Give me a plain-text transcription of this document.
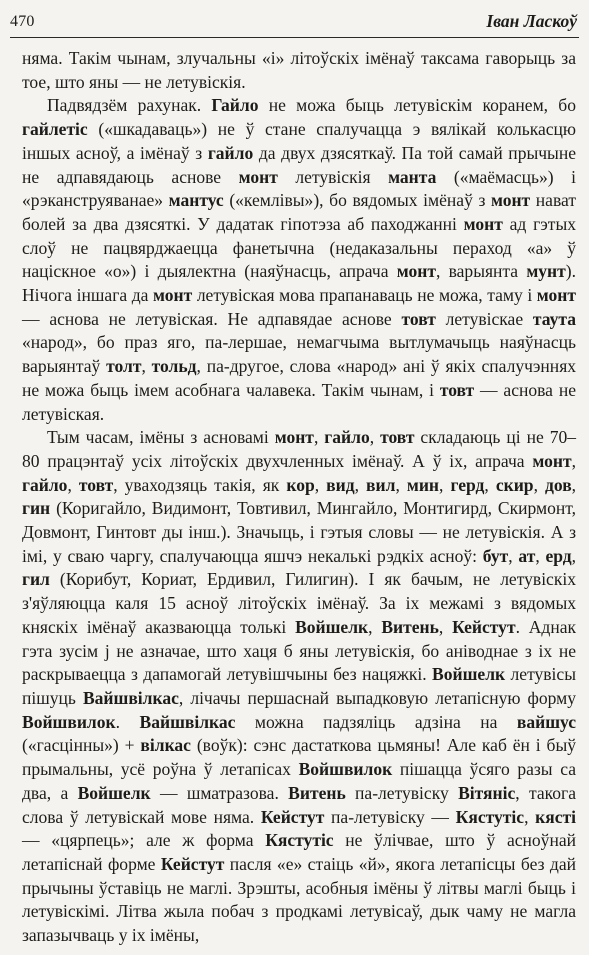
470	Іван Ласкоў

няма. Такім чынам, злучальны «і» літоўскіх імёнаў таксама гаворыць за тое, што яны — не летувіскія.

Падвядзём рахунак. Гайло не можа быць летувіскім коранем, бо гайлетіс («шкадаваць») не ў стане спалучацца э вялікай колькасцю іншых асноў, а імёнаў з гайло да двух дзясяткаў. Па той самай прычыне не адпавядаюць аснове монт летувіскія манта («маёмасць») і «рэканструяванае» мантус («кемлівы»), бо вядомых імёнаў з монт нават болей за два дзясяткі. У дадатак гіпотэза аб паходжанні монт ад гэтых слоў не пацвярджаецца фанетычна (недаказальны пераход «а» ў націскное «о») і дыялектна (наяўнасць, апрача монт, варыянта мунт). Нічога іншага да монт летувіская мова прапанаваць не можа, таму і монт — аснова не летувіская. Не адпавядае аснове товт летувіскае таута «народ», бо праз яго, па-лершае, немагчыма вытлумачыць наяўнасць варыянтаў толт, тольд, па-другое, слова «народ» ані ў якіх спалучэннях не можа быць імем асобнага чалавека. Такім чынам, і товт — аснова не летувіская.

Тым часам, імёны з асновамі монт, гайло, товт складаюць ці не 70–80 працэнтаў усіх літоўскіх двухчленных імёнаў. А ў іх, апрача монт, гайло, товт, уваходзяць такія, як кор, вид, вил, мин, герд, скир, дов, гин (Коригайло, Видимонт, Товтивил, Мингайло, Монтигирд, Скирмонт, Довмонт, Гинтовт ды інш.). Значыць, і гэтыя словы — не летувіскія. А з імі, у сваю чаргу, спалучаюцца яшчэ некалькі рэдкіх асноў: бут, ат, ерд, гил (Корибут, Кориат, Ердивил, Гилигин). І як бачым, не летувіскіх з'яўляюцца каля 15 асноў літоўскіх імёнаў. За іх межамі з вядомых княскіх імёнаў аказваюцца толькі Войшелк, Витень, Кейстут. Аднак гэта зусім ј не азначае, што хаця б яны летувіскія, бо аніводнае з іх не раскрываецца з дапамогай летувішчыны без нацяжкі. Войшелк летувісы пішуць Вайшвілкас, лічачы першаснай выпадковую летапісную форму Войшвилок. Вайшвілкас можна падзяліць адзіна на вайшус («гасцінны») + вілкас (воўк): сэнс дастаткова цьмяны! Але каб ён і быў прымальны, усё роўна ў летапісах Войшвилок пішацца ўсяго разы са два, а Войшелк — шматразова. Витень па-летувіску Вітяніс, такога слова ў летувіскай мове няма. Кейстут па-летувіску — Кястутіс, кясті — «цярпець»; але ж форма Кястутіс не ўлічвае, што ў асноўнай летапіснай форме Кейстут пасля «е» стаіць «й», якога летапісцы без дай прычыны ўставіць не маглі. Зрэшты, асобныя імёны ў літвы маглі быць і летувіскімі. Літва жыла побач з продкамі летувісаў, дык чаму не магла запазычваць у іх імёны,
